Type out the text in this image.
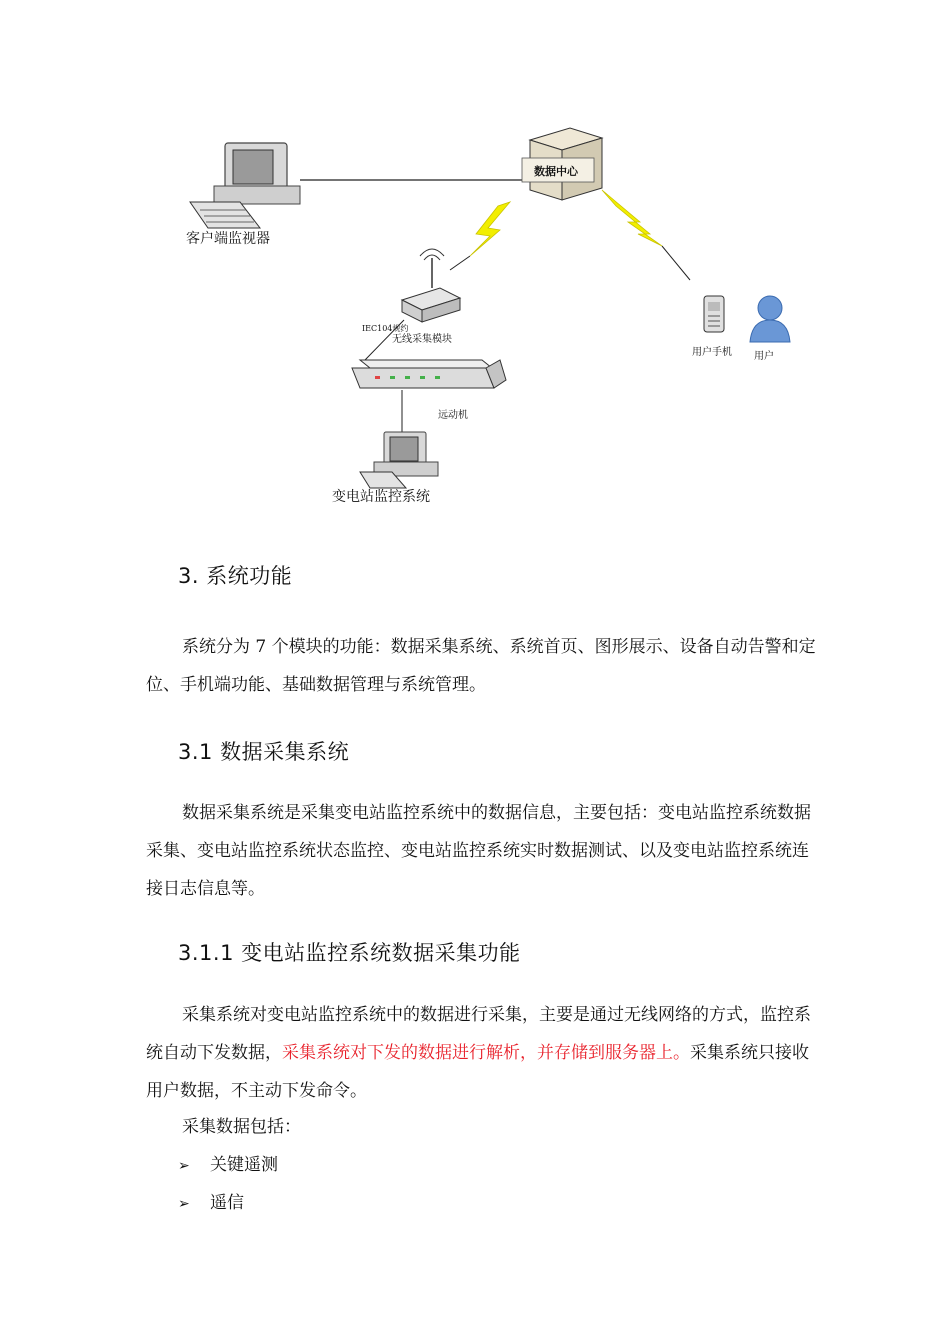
客户端监视器
数据中心
IEC104规约
无线采集模块
用户手机 用户
远动机
变电站监控系统
3. 系统功能

系统分为 7 个模块的功能：数据采集系统、系统首页、图形展示、设备自动告警和定位、手机端功能、基础数据管理与系统管理。

3.1 数据采集系统

数据采集系统是采集变电站监控系统中的数据信息，主要包括：变电站监控系统数据采集、变电站监控系统状态监控、变电站监控系统实时数据测试、以及变电站监控系统连接日志信息等。

3.1.1 变电站监控系统数据采集功能

采集系统对变电站监控系统中的数据进行采集，主要是通过无线网络的方式，监控系统自动下发数据，采集系统对下发的数据进行解析，并存储到服务器上。采集系统只接收用户数据，不主动下发命令。

采集数据包括：

➢ 关键遥测
➢ 遥信
